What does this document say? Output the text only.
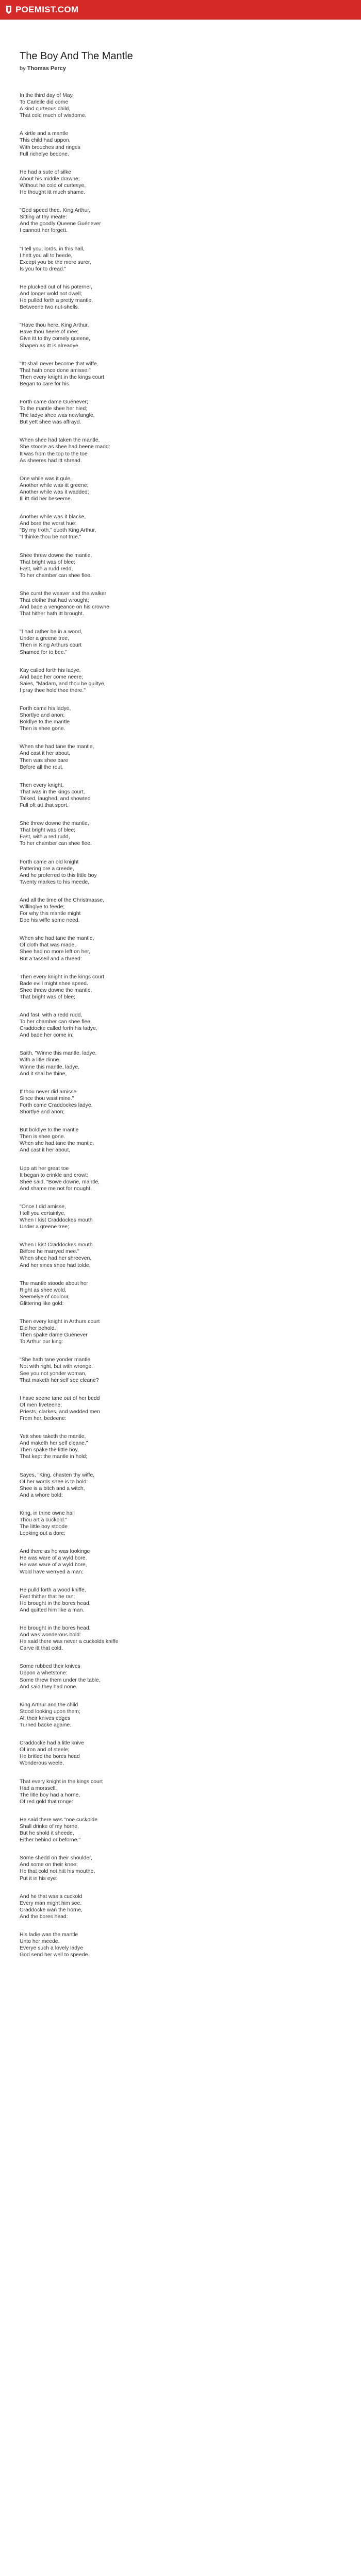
POEMIST.COM
The Boy And The Mantle
by Thomas Percy
In the third day of May,
To Carleile did come
A kind curteous child,
That cold much of wisdome.
A kirtle and a mantle
This child had uppon,
With brouches and ringes
Full richelye bedone.
He had a sute of silke
About his middle drawne;
Without he cold of curtesye,
He thought itt much shame.
"God speed thee, King Arthur,
Sitting at thy meate:
And the goodly Queene Guénever
I cannott her forgett.
"I tell you, lords, in this hall,
I hett you all to heede,
Except you be the more surer,
Is you for to dread."
He plucked out of his poterner,
And longer wold not dwell;
He pulled forth a pretty mantle,
Betweene two nut-shells.
"Have thou here, King Arthur,
Have thou heere of mee;
Give itt to thy comely queene,
Shapen as itt is alreadye.
"Itt shall never become that wiffe,
That hath once done amisse:"
Then every knight in the kings court
Began to care for his.
Forth came dame Guénever;
To the mantle shee her hied;
The ladye shee was newfangle,
But yett shee was affrayd.
When shee had taken the mantle,
She stoode as shee had beene madd:
It was from the top to the toe
As sheeres had itt shread.
One while was it gule,
Another while was itt greene;
Another while was it wadded;
Ill itt did her beseeme.
Another while was it blacke,
And bore the worst hue:
"By my troth," quoth King Arthur,
"I thinke thou be not true."
Shee threw downe the mantle,
That bright was of blee;
Fast, with a rudd redd,
To her chamber can shee flee.
She curst the weaver and the walker
That clothe that had wrought;
And bade a vengeance on his crowne
That hither hath itt brought.
"I had rather be in a wood,
Under a greene tree,
Then in King Arthurs court
Shamed for to bee."
Kay called forth his ladye,
And bade her come neere;
Saies, "Madam, and thou be guiltye,
I pray thee hold thee there."
Forth came his ladye,
Shortlye and anon;
Boldlye to the mantle
Then is shee gone.
When she had tane the mantle,
And cast it her about,
Then was shee bare
Before all the rout.
Then every knight,
That was in the kings court,
Talked, laughed, and showted
Full oft att that sport.
She threw downe the mantle,
That bright was of blee;
Fast, with a red rudd,
To her chamber can shee flee.
Forth came an old knight
Pattering ore a creede,
And he proferred to this little boy
Twenty markes to his meede,
And all the time of the Christmasse,
Willinglye to feede;
For why this mantle might
Doe his wiffe some need.
When she had tane the mantle,
Of cloth that was made,
Shee had no more left on her,
But a tassell and a threed:
Then every knight in the kings court
Bade evill might shee speed.
Shee threw downe the mantle,
That bright was of blee;
And fast, with a redd rudd,
To her chamber can shee flee.
Craddocke called forth his ladye,
And bade her come in;
Saith, "Winne this mantle, ladye,
With a litle dinne.
Winne this mantle, ladye,
And it shal be thine,
If thou never did amisse
Since thou wast mine."
Forth came Craddockes ladye,
Shortlye and anon;
But boldlye to the mantle
Then is shee gone.
When she had tane the mantle,
And cast it her about,
Upp att her great toe
It began to crinkle and crowt:
Shee said, "Bowe downe, mantle,
And shame me not for nought.
"Once I did amisse,
I tell you certainlye,
When I kist Craddockes mouth
Under a greene tree;
When I kist Craddockes mouth
Before he marryed mee."
When shee had her shreeven,
And her sines shee had tolde,
The mantle stoode about her
Right as shee wold,
Seemelye of coulour,
Glittering like gold:
Then every knight in Arthurs court
Did her behold.
Then spake dame Guénever
To Arthur our king:
"She hath tane yonder mantle
Not with right, but with wronge.
See you not yonder woman,
That maketh her self soe cleane?
I have seene tane out of her bedd
Of men fiveteene;
Priests, clarkes, and wedded men
From her, bedeene:
Yett shee taketh the mantle,
And maketh her self cleane."
Then spake the little boy,
That kept the mantle in hold;
Sayes, "King, chasten thy wiffe,
Of her words shee is to bold:
Shee is a bitch and a witch,
And a whore bold:
King, in thine owne hall
Thou art a cuckold."
The little boy stoode
Looking out a dore;
And there as he was lookinge
He was ware of a wyld bore.
He was ware of a wyld bore,
Wold have werryed a man:
He pulld forth a wood kniffe,
Fast thither that he ran:
He brought in the bores head,
And quitted him like a man.
He brought in the bores head,
And was wonderous bold:
He said there was never a cuckolds kniffe
Carve itt that cold.
Some rubbed their knives
Uppon a whetstone:
Some threw them under the table,
And said they had none.
King Arthur and the child
Stood looking upon them;
All their knives edges
Turned backe againe.
Craddocke had a litle knive
Of iron and of steele;
He britled the bores head
Wonderous weele,
That every knight in the kings court
Had a morssell.
The litle boy had a horne,
Of red gold that ronge:
He said there was "noe cuckolde
Shall drinke of my horne,
But he shold it sheede,
Either behind or beforne."
Some shedd on their shoulder,
And some on their knee;
He that cold not hitt his mouthe,
Put it in his eye:
And he that was a cuckold
Every man might him see.
Craddocke wan the horne,
And the bores head:
His ladie wan the mantle
Unto her meede.
Everye such a lovely ladye
God send her well to speede.
